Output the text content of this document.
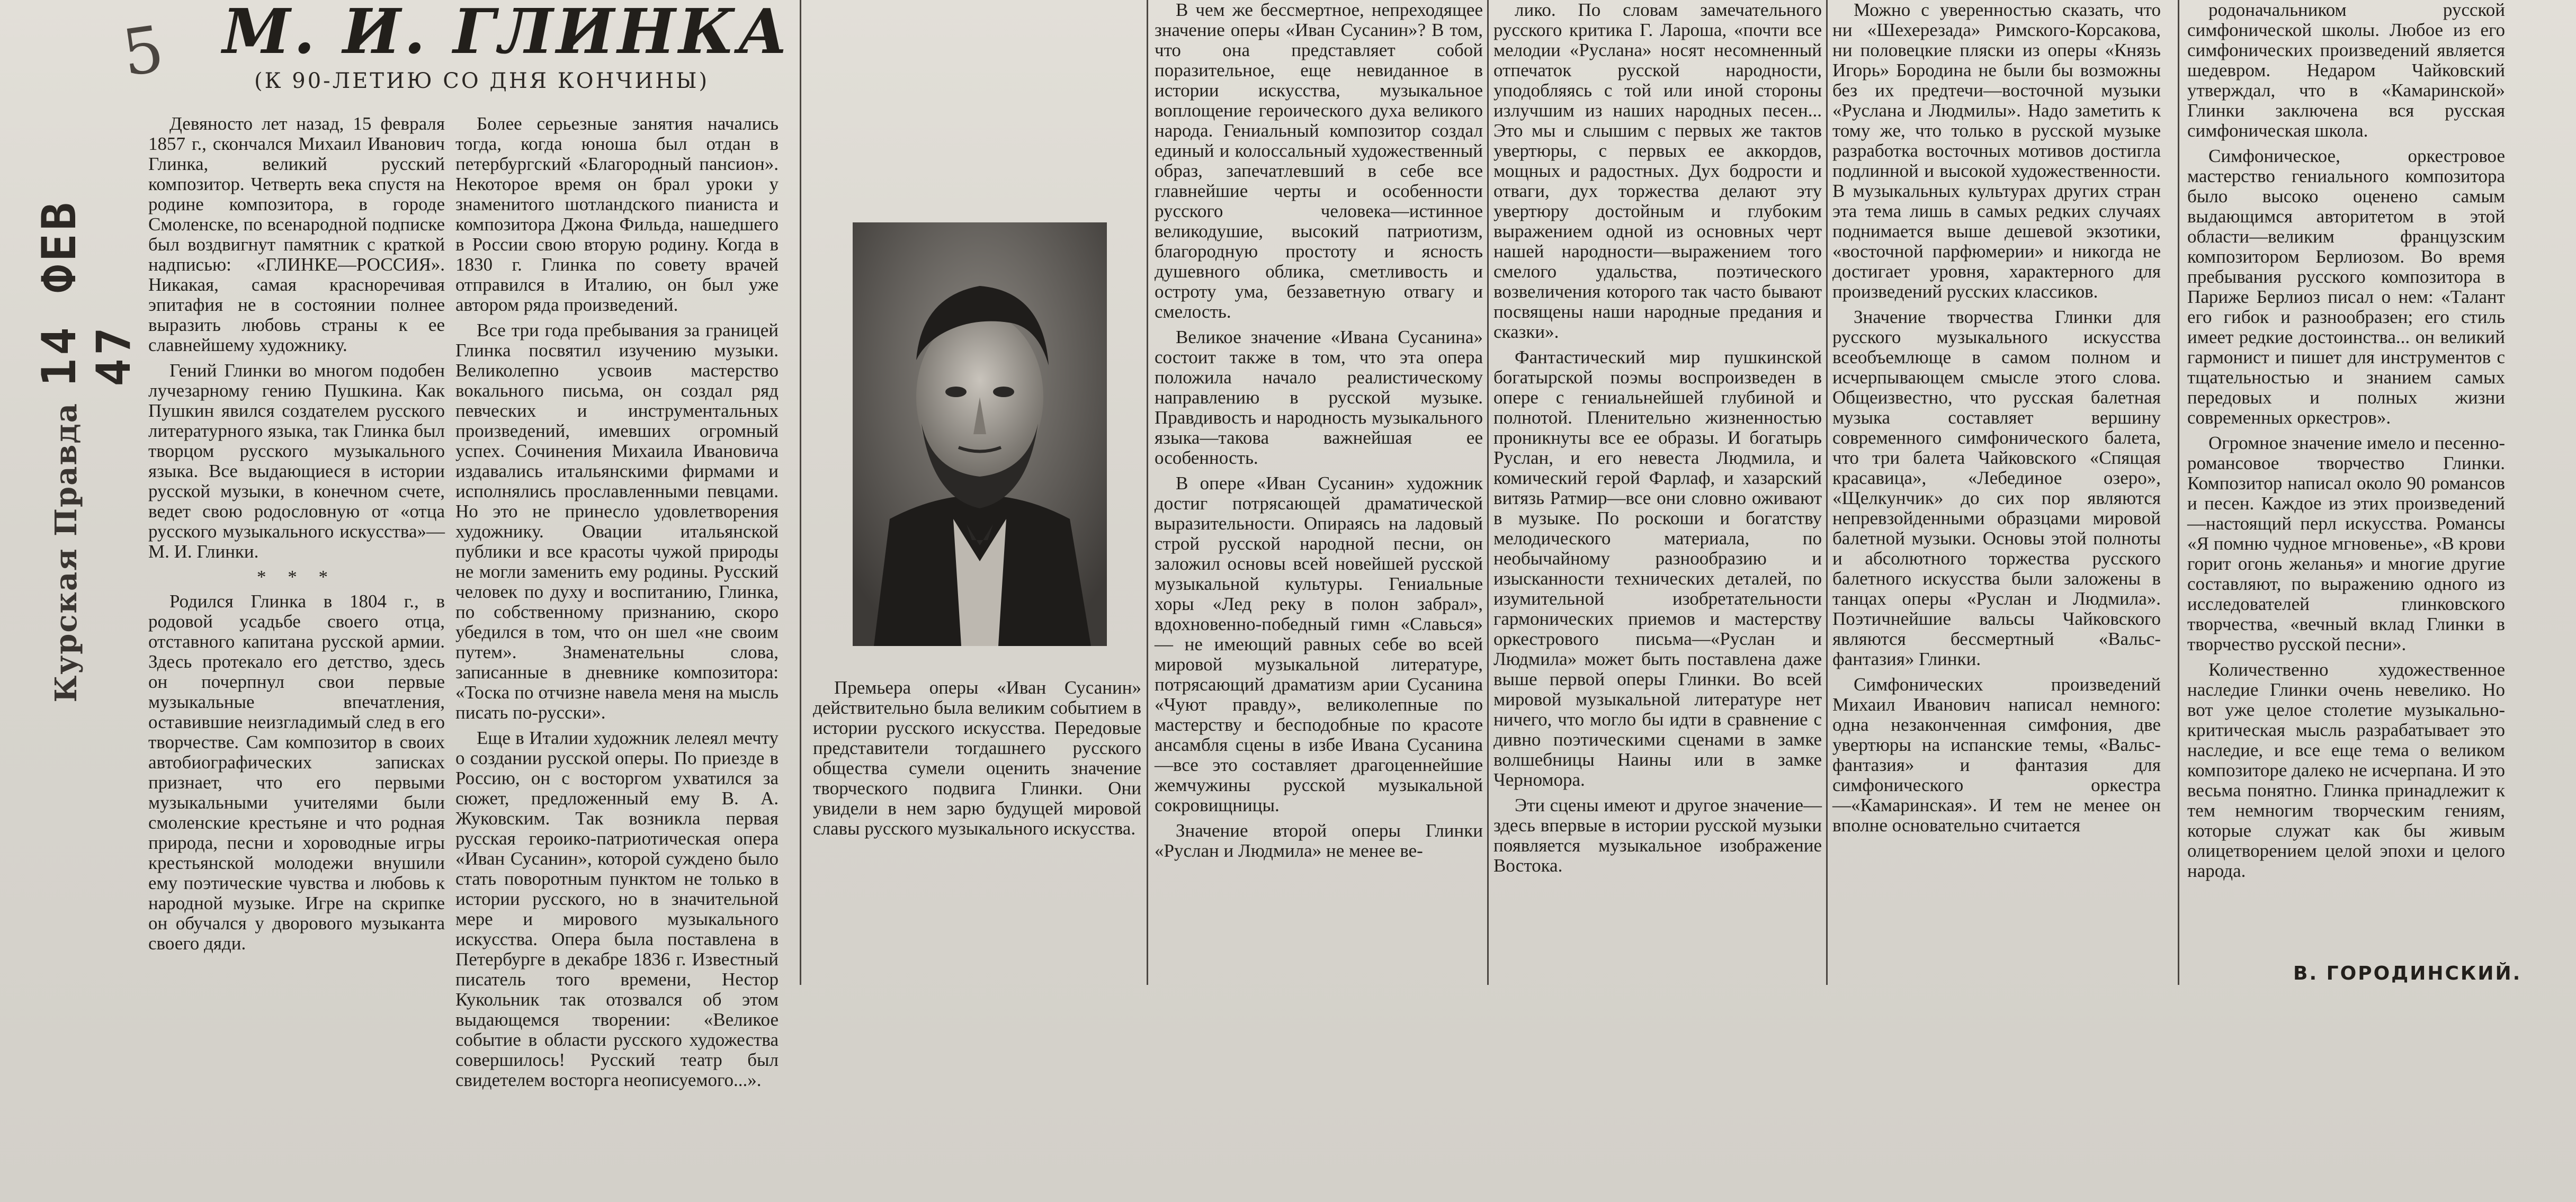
5
14 ФЕВ 47
Курская Правда
М. И. ГЛИНКА
(К 90-ЛЕТИЮ СО ДНЯ КОНЧИНЫ)

Девяносто лет назад, 15 февраля 1857 г., скончался Михаил Иванович Глинка, великий русский композитор. Четверть века спустя на родине композитора, в городе Смоленске, по всенародной подписке был воздвигнут памятник с краткой надписью: «ГЛИНКЕ—РОССИЯ». Никакая, самая красноречивая эпитафия не в состоянии полнее выразить любовь страны к ее славнейшему художнику.

Гений Глинки во многом подобен лучезарному гению Пушкина. Как Пушкин явился создателем русского литературного языка, так Глинка был творцом русского музыкального языка. Все выдающиеся в истории русской музыки, в конечном счете, ведет свою родословную от «отца русского музыкального искусства»—М. И. Глинки.

* * *

Родился Глинка в 1804 г., в родовой усадьбе своего отца, отставного капитана русской армии. Здесь протекало его детство, здесь он почерпнул свои первые музыкальные впечатления, оставившие неизгладимый след в его творчестве. Сам композитор в своих автобиографических записках признает, что его первыми музыкальными учителями были смоленские крестьяне и что родная природа, песни и хороводные игры крестьянской молодежи внушили ему поэтические чувства и любовь к народной музыке. Игре на скрипке он обучался у дворового музыканта своего дяди.

Более серьезные занятия начались тогда, когда юноша был отдан в петербургский «Благородный пансион». Некоторое время он брал уроки у знаменитого шотландского пианиста и композитора Джона Фильда, нашедшего в России свою вторую родину. Когда в 1830 г. Глинка по совету врачей отправился в Италию, он был уже автором ряда произведений.

Все три года пребывания за границей Глинка посвятил изучению музыки. Великолепно усвоив мастерство вокального письма, он создал ряд певческих и инструментальных произведений, имевших огромный успех. Сочинения Михаила Ивановича издавались итальянскими фирмами и исполнялись прославленными певцами. Но это не принесло удовлетворения художнику. Овации итальянской публики и все красоты чужой природы не могли заменить ему родины. Русский человек по духу и воспитанию, Глинка, по собственному признанию, скоро убедился в том, что он шел «не своим путем». Знаменательны слова, записанные в дневнике композитора: «Тоска по отчизне навела меня на мысль писать по-русски».

Еще в Италии художник лелеял мечту о создании русской оперы. По приезде в Россию, он с восторгом ухватился за сюжет, предложенный ему В. А. Жуковским. Так возникла первая русская героико-патриотическая опера «Иван Сусанин», которой суждено было стать поворотным пунктом не только в истории русского, но в значительной мере и мирового музыкального искусства. Опера была поставлена в Петербурге в декабре 1836 г. Известный писатель того времени, Нестор Кукольник так отозвался об этом выдающемся творении: «Великое событие в области русского художества совершилось! Русский театр был свидетелем восторга неописуемого...».

Премьера оперы «Иван Сусанин» действительно была великим событием в истории русского искусства. Передовые представители тогдашнего русского общества сумели оценить значение творческого подвига Глинки. Они увидели в нем зарю будущей мировой славы русского музыкального искусства.

В чем же бессмертное, непреходящее значение оперы «Иван Сусанин»? В том, что она представляет собой поразительное, еще невиданное в истории искусства, музыкальное воплощение героического духа великого народа. Гениальный композитор создал единый и колоссальный художественный образ, запечатлевший в себе все главнейшие черты и особенности русского человека—истинное великодушие, высокий патриотизм, благородную простоту и ясность душевного облика, сметливость и остроту ума, беззаветную отвагу и смелость.

Великое значение «Ивана Сусанина» состоит также в том, что эта опера положила начало реалистическому направлению в русской музыке. Правдивость и народность музыкального языка—такова важнейшая ее особенность.

В опере «Иван Сусанин» художник достиг потрясающей драматической выразительности. Опираясь на ладовый строй русской народной песни, он заложил основы всей новейшей русской музыкальной культуры. Гениальные хоры «Лед реку в полон забрал», вдохновенно-победный гимн «Славься» — не имеющий равных себе во всей мировой музыкальной литературе, потрясающий драматизм арии Сусанина «Чуют правду», великолепные по мастерству и бесподобные по красоте ансамбля сцены в избе Ивана Сусанина—все это составляет драгоценнейшие жемчужины русской музыкальной сокровищницы.

Значение второй оперы Глинки «Руслан и Людмила» не менее ве-

лико. По словам замечательного русского критика Г. Лароша, «почти все мелодии «Руслана» носят несомненный отпечаток русской народности, уподобляясь с той или иной стороны излучшим из наших народных песен... Это мы и слышим с первых же тактов увертюры, с первых ее аккордов, мощных и радостных. Дух бодрости и отваги, дух торжества делают эту увертюру достойным и глубоким выражением одной из основных черт нашей народности—выражением того смелого удальства, поэтического возвеличения которого так часто бывают посвящены наши народные предания и сказки».

Фантастический мир пушкинской богатырской поэмы воспроизведен в опере с гениальнейшей глубиной и полнотой. Пленительно жизненностью проникнуты все ее образы. И богатырь Руслан, и его невеста Людмила, и комический герой Фарлаф, и хазарский витязь Ратмир—все они словно оживают в музыке. По роскоши и богатству мелодического материала, по необычайному разнообразию и изысканности технических деталей, по изумительной изобретательности гармонических приемов и мастерству оркестрового письма—«Руслан и Людмила» может быть поставлена даже выше первой оперы Глинки. Во всей мировой музыкальной литературе нет ничего, что могло бы идти в сравнение с дивно поэтическими сценами в замке волшебницы Наины или в замке Черномора.

Эти сцены имеют и другое значение—здесь впервые в истории русской музыки появляется музыкальное изображение Востока.

Можно с уверенностью сказать, что ни «Шехерезада» Римского-Корсакова, ни половецкие пляски из оперы «Князь Игорь» Бородина не были бы возможны без их предтечи—восточной музыки «Руслана и Людмилы». Надо заметить к тому же, что только в русской музыке разработка восточных мотивов достигла подлинной и высокой художественности. В музыкальных культурах других стран эта тема лишь в самых редких случаях поднимается выше дешевой экзотики, «восточной парфюмерии» и никогда не достигает уровня, характерного для произведений русских классиков.

Значение творчества Глинки для русского музыкального искусства всеобъемлюще в самом полном и исчерпывающем смысле этого слова. Общеизвестно, что русская балетная музыка составляет вершину современного симфонического балета, что три балета Чайковского «Спящая красавица», «Лебединое озеро», «Щелкунчик» до сих пор являются непревзойденными образцами мировой балетной музыки. Основы этой полноты и абсолютного торжества русского балетного искусства были заложены в танцах оперы «Руслан и Людмила». Поэтичнейшие вальсы Чайковского являются бессмертный «Вальс-фантазия» Глинки.

Симфонических произведений Михаил Иванович написал немного: одна незаконченная симфония, две увертюры на испанские темы, «Вальс-фантазия» и фантазия для симфонического оркестра—«Камаринская». И тем не менее он вполне основательно считается

родоначальником русской симфонической школы. Любое из его симфонических произведений является шедевром. Недаром Чайковский утверждал, что в «Камаринской» Глинки заключена вся русская симфоническая школа.

Симфоническое, оркестровое мастерство гениального композитора было высоко оценено самым выдающимся авторитетом в этой области—великим французским композитором Берлиозом. Во время пребывания русского композитора в Париже Берлиоз писал о нем: «Талант его гибок и разнообразен; его стиль имеет редкие достоинства... он великий гармонист и пишет для инструментов с тщательностью и знанием самых передовых и полных жизни современных оркестров».

Огромное значение имело и песенно-романсовое творчество Глинки. Композитор написал около 90 романсов и песен. Каждое из этих произведений—настоящий перл искусства. Романсы «Я помню чудное мгновенье», «В крови горит огонь желанья» и многие другие составляют, по выражению одного из исследователей глинковского творчества, «вечный вклад Глинки в творчество русской песни».

Количественно художественное наследие Глинки очень невелико. Но вот уже целое столетие музыкально-критическая мысль разрабатывает это наследие, и все еще тема о великом композиторе далеко не исчерпана. И это весьма понятно. Глинка принадлежит к тем немногим творческим гениям, которые служат как бы живым олицетворением целой эпохи и целого народа.

В. ГОРОДИНСКИЙ.
